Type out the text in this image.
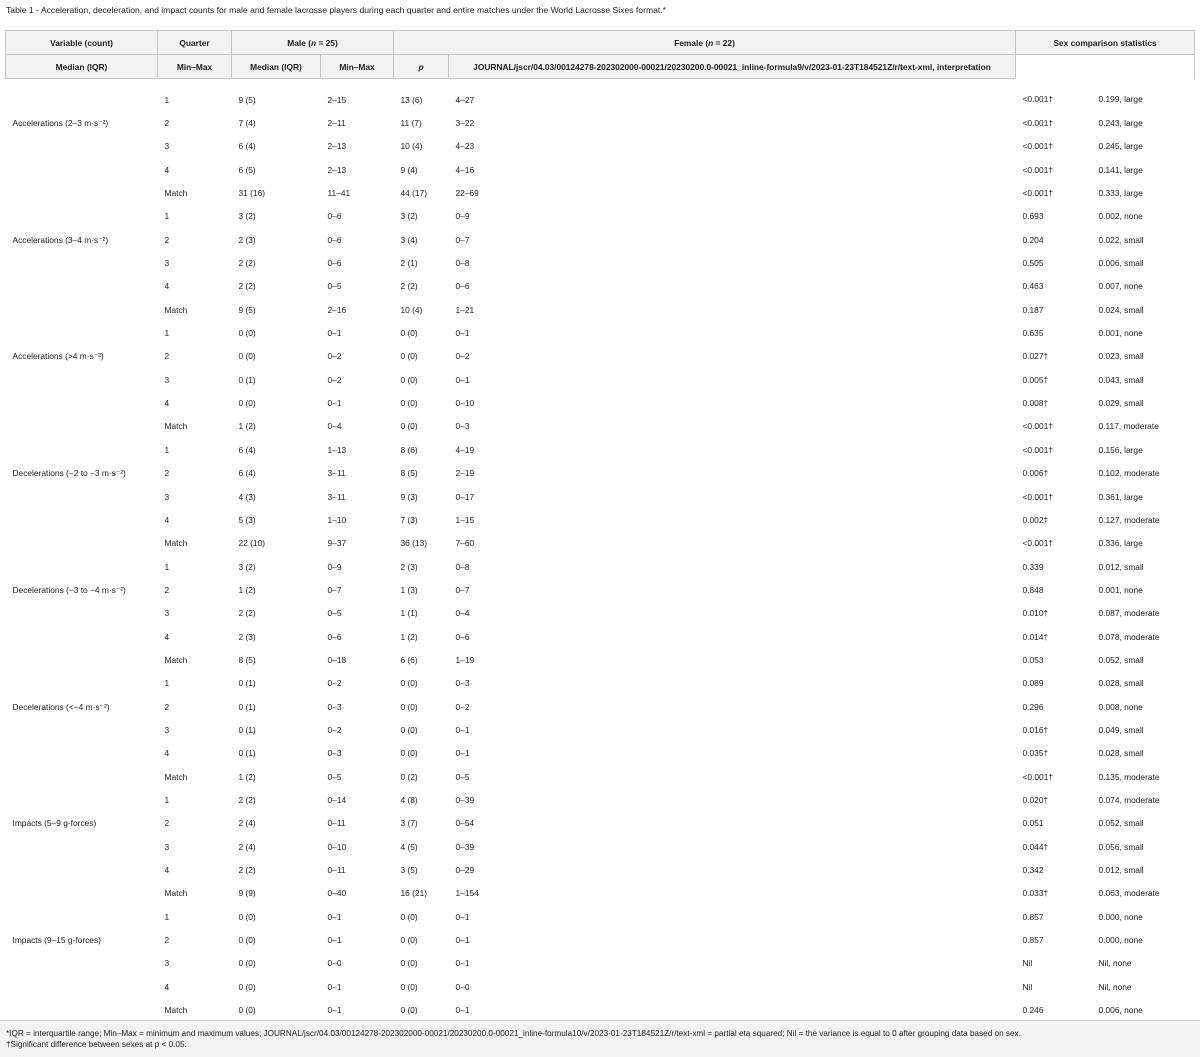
Table 1 - Acceleration, deceleration, and impact counts for male and female lacrosse players during each quarter and entire matches under the World Lacrosse Sixes format.*
Variable (count)	Quarter	Male (n = 25)		Female (n = 22)		Sex comparison statistics	
Median (IQR)	Min–Max	Median (IQR)	Min–Max	p	JOURNAL/jscr/04.03/00124278-202302000-00021/20230200.0-00021_inline-formula9/v/2023-01-23T184521Z/r/text-xml, interpretation		
	1	9 (5)	2–15	13 (6)	4–27	<0.001†	0.199, large
Accelerations (2–3 m·s⁻²)	2	7 (4)	2–11	11 (7)	3–22	<0.001†	0.243, large
	3	6 (4)	2–13	10 (4)	4–23	<0.001†	0.245, large
	4	6 (5)	2–13	9 (4)	4–16	<0.001†	0.141, large
	Match	31 (16)	11–41	44 (17)	22–69	<0.001†	0.333, large
	1	3 (2)	0–6	3 (2)	0–9	0.693	0.002, none
Accelerations (3–4 m·s⁻²)	2	2 (3)	0–6	3 (4)	0–7	0.204	0.022, small
	3	2 (2)	0–6	2 (1)	0–8	0.505	0.006, small
	4	2 (2)	0–5	2 (2)	0–6	0.463	0.007, none
	Match	9 (5)	2–16	10 (4)	1–21	0.187	0.024, small
	1	0 (0)	0–1	0 (0)	0–1	0.635	0.001, none
Accelerations (>4 m·s⁻²)	2	0 (0)	0–2	0 (0)	0–2	0.027†	0.023, small
	3	0 (1)	0–2	0 (0)	0–1	0.005†	0.043, small
	4	0 (0)	0–1	0 (0)	0–10	0.008†	0.029, small
	Match	1 (2)	0–4	0 (0)	0–3	<0.001†	0.117, moderate
	1	6 (4)	1–13	8 (6)	4–19	<0.001†	0.156, large
Decelerations (−2 to −3 m·s⁻²)	2	6 (4)	3–11	8 (5)	2–19	0.006†	0.102, moderate
	3	4 (3)	3–11	9 (3)	0–17	<0.001†	0.361, large
	4	5 (3)	1–10	7 (3)	1–15	0.002†	0.127, moderate
	Match	22 (10)	9–37	36 (13)	7–60	<0.001†	0.336, large
	1	3 (2)	0–9	2 (3)	0–8	0.339	0.012, small
Decelerations (−3 to −4 m·s⁻²)	2	1 (2)	0–7	1 (3)	0–7	0.848	0.001, none
	3	2 (2)	0–5	1 (1)	0–4	0.010†	0.087, moderate
	4	2 (3)	0–6	1 (2)	0–6	0.014†	0.078, moderate
	Match	8 (5)	0–18	6 (6)	1–19	0.053	0.052, small
	1	0 (1)	0–2	0 (0)	0–3	0.089	0.028, small
Decelerations (<−4 m·s⁻²)	2	0 (1)	0–3	0 (0)	0–2	0.296	0.008, none
	3	0 (1)	0–2	0 (0)	0–1	0.016†	0.049, small
	4	0 (1)	0–3	0 (0)	0–1	0.035†	0.028, small
	Match	1 (2)	0–5	0 (2)	0–5	<0.001†	0.135, moderate
	1	2 (2)	0–14	4 (8)	0–39	0.020†	0.074, moderate
Impacts (5–9 g-forces)	2	2 (4)	0–11	3 (7)	0–54	0.051	0.052, small
	3	2 (4)	0–10	4 (5)	0–39	0.044†	0.056, small
	4	2 (2)	0–11	3 (5)	0–29	0.342	0.012, small
	Match	9 (9)	0–40	16 (21)	1–154	0.033†	0.063, moderate
	1	0 (0)	0–1	0 (0)	0–1	0.857	0.000, none
Impacts (9–15 g-forces)	2	0 (0)	0–1	0 (0)	0–1	0.857	0.000, none
	3	0 (0)	0–0	0 (0)	0–1	Nil	Nil, none
	4	0 (0)	0–1	0 (0)	0–0	Nil	Nil, none
	Match	0 (0)	0–1	0 (0)	0–1	0.246	0.006, none

*IQR = interquartile range; Min–Max = minimum and maximum values; JOURNAL/jscr/04.03/00124278-202302000-00021/20230200.0-00021_inline-formula10/v/2023-01-23T184521Z/r/text-xml = partial eta squared; Nil = the variance is equal to 0 after grouping data based on sex.

†Significant difference between sexes at p < 0.05.
